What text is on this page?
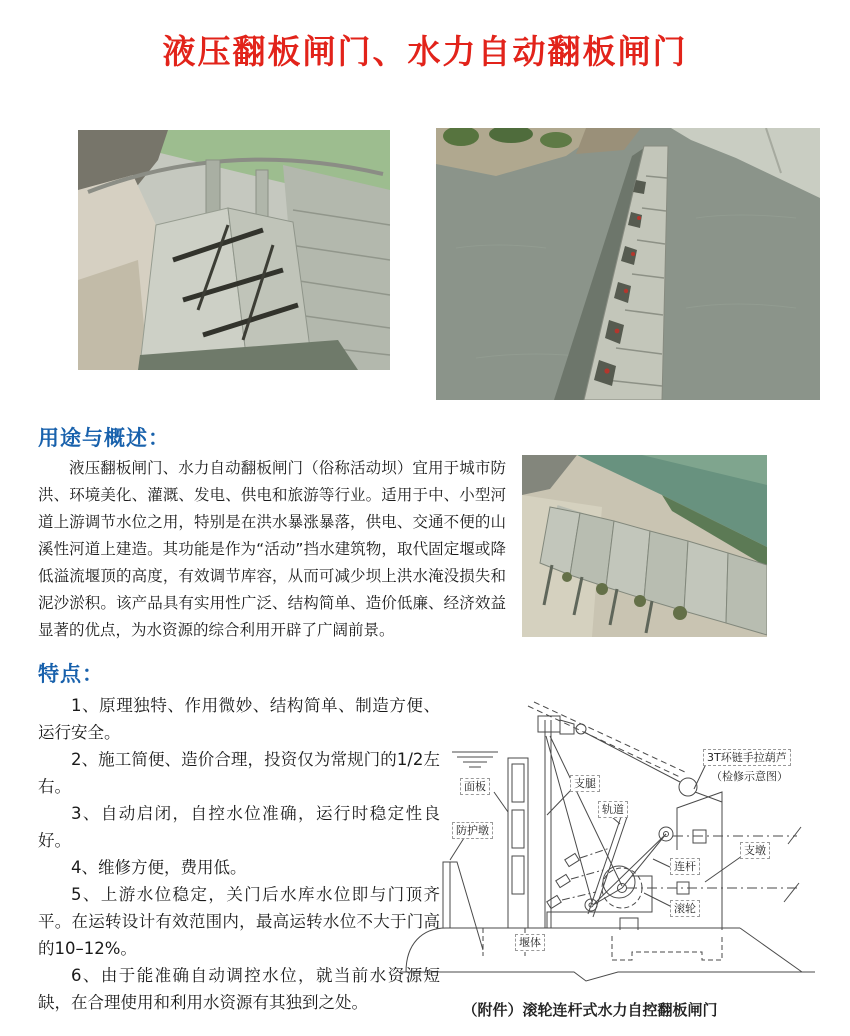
液压翻板闸门、水力自动翻板闸门
用途与概述：

液压翻板闸门、水力自动翻板闸门（俗称活动坝）宜用于城市防洪、环境美化、灌溉、发电、供电和旅游等行业。适用于中、小型河道上游调节水位之用，特别是在洪水暴涨暴落，供电、交通不便的山溪性河道上建造。其功能是作为“活动”挡水建筑物，取代固定堰或降低溢流堰顶的高度，有效调节库容，从而可减少坝上洪水淹没损失和泥沙淤积。该产品具有实用性广泛、结构简单、造价低廉、经济效益显著的优点，为水资源的综合利用开辟了广阔前景。

特点：

1、原理独特、作用微妙、结构简单、制造方便、运行安全。

2、施工简便、造价合理，投资仅为常规门的1/2左右。

3、自动启闭，自控水位准确，运行时稳定性良好。

4、维修方便，费用低。

5、上游水位稳定，关门后水库水位即与门顶齐平。在运转设计有效范围内，最高运转水位不大于门高的10–12%。

6、由于能准确自动调控水位，就当前水资源短缺，在合理使用和利用水资源有其独到之处。

面板
防护墩
支腿
轨道
3T环链手拉葫芦
（检修示意图）
连杆
支墩
滚轮
堰体
（附件）滚轮连杆式水力自控翻板闸门
